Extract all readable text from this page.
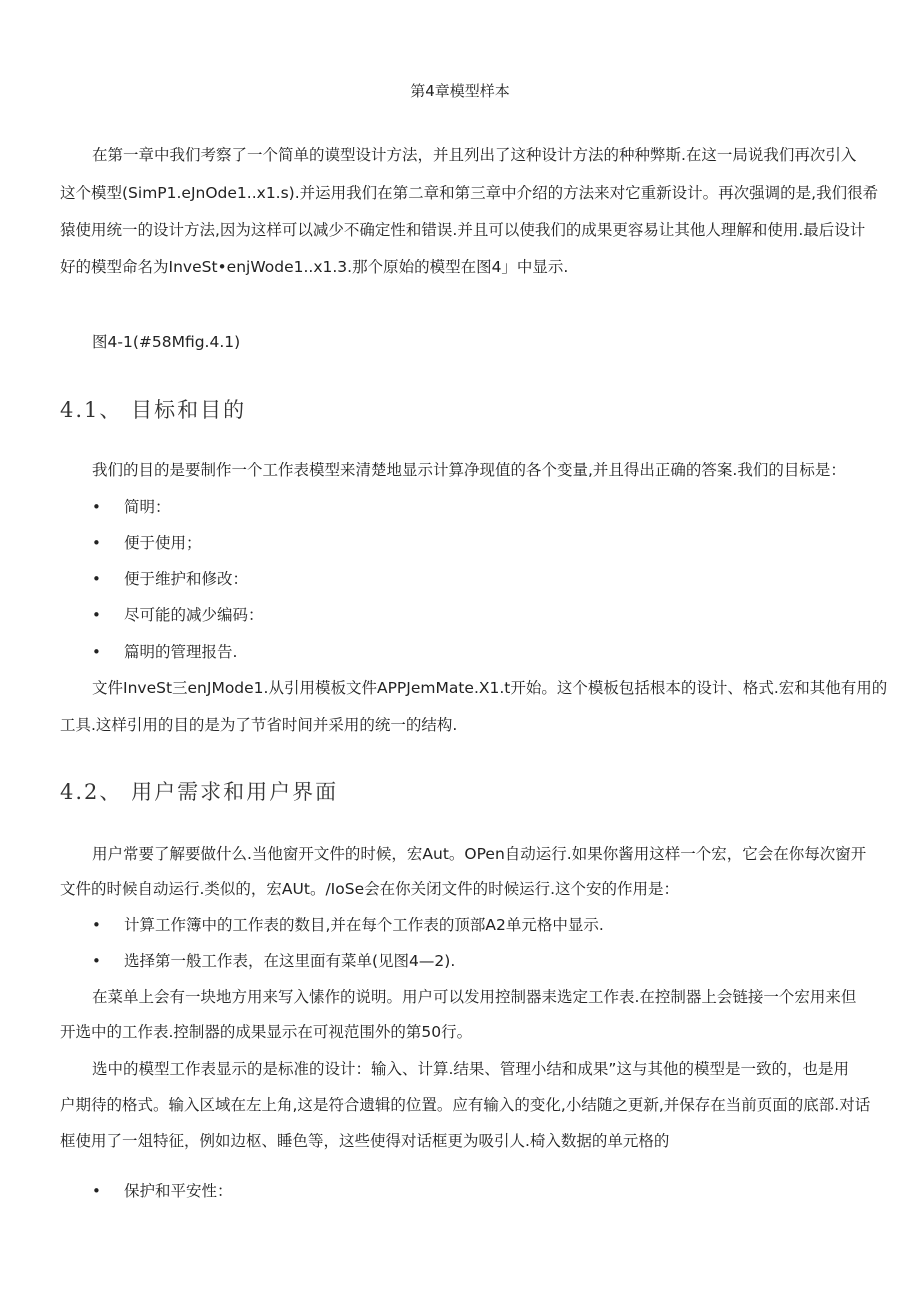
第4章模型样本
在第一章中我们考察了一个简单的谟型设计方法，并且列出了这种设计方法的种种弊斯.在这一局说我们再次引入
这个模型(SimP1.eJnOde1..x1.s).并运用我们在第二章和第三章中介绍的方法来对它重新设计。再次强调的是,我们很希
猿使用统一的设计方法,因为这样可以减少不确定性和错误.并且可以使我们的成果更容易让其他人理解和使用.最后设计
好的模型命名为InveSt•enjWode1..x1.3.那个原始的模型在图4」中显示.
图4-1(#58Mfig.4.1)
4.1、 目标和目的
我们的目的是要制作一个工作表模型来清楚地显示计算净现值的各个变量,并且得出正确的答案.我们的目标是：
• 简明：
• 便于使用；
• 便于维护和修改：
• 尽可能的减少编码：
• 篇明的管理报告.
文件InveSt三enJMode1.从引用模板文件APPJemMate.X1.t开始。这个模板包括根本的设计、格式.宏和其他有用的
工具.这样引用的目的是为了节省时间并采用的统一的结构.
4.2、 用户需求和用户界面
用户常要了解要做什么.当他窗开文件的时候，宏Aut。OPen自动运行.如果你酱用这样一个宏，它会在你每次窗开
文件的时候自动运行.类似的，宏AUt。/IoSe会在你关闭文件的时候运行.这个安的作用是：
• 计算工作簿中的工作表的数目,并在每个工作表的顶部A2单元格中显示.
• 选择第一般工作表，在这里面有菜单(见图4—2).
在菜单上会有一块地方用来写入愫作的说明。用户可以发用控制器耒选定工作表.在控制器上会链接一个宏用来但
开选中的工作表.控制器的成果显示在可视范围外的第50行。
选中的模型工作表显示的是标准的设计：输入、计算.结果、管理小结和成果”这与其他的模型是一致的，也是用
户期待的格式。输入区域在左上角,这是符合遗辑的位置。应有输入的变化,小结随之更新,并保存在当前页面的底部.对话
框使用了一俎特征，例如边枢、睡色等，这些使得对话框更为吸引人.椅入数据的单元格的
• 保护和平安性：
